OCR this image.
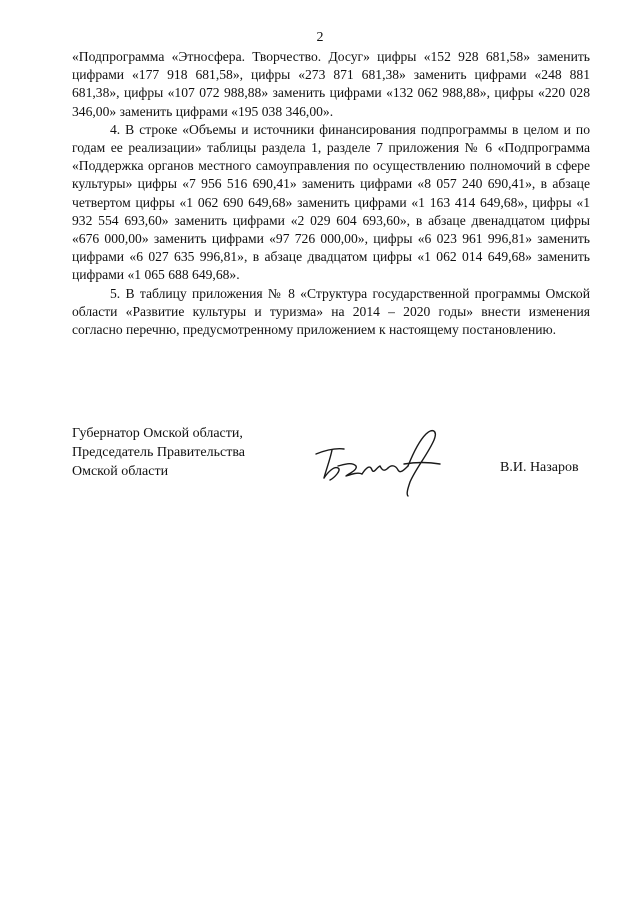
2

«Подпрограмма «Этносфера. Творчество. Досуг» цифры «152 928 681,58» заменить цифрами «177 918 681,58», цифры «273 871 681,38» заменить цифрами «248 881 681,38», цифры «107 072 988,88» заменить цифрами «132 062 988,88», цифры «220 028 346,00» заменить цифрами «195 038 346,00».

4. В строке «Объемы и источники финансирования подпрограммы в целом и по годам ее реализации» таблицы раздела 1, разделе 7 приложения № 6 «Подпрограмма «Поддержка органов местного самоуправления по осуществлению полномочий в сфере культуры» цифры «7 956 516 690,41» заменить цифрами «8 057 240 690,41», в абзаце четвертом цифры «1 062 690 649,68» заменить цифрами «1 163 414 649,68», цифры «1 932 554 693,60» заменить цифрами «2 029 604 693,60», в абзаце двенадцатом цифры «676 000,00» заменить цифрами «97 726 000,00», цифры «6 023 961 996,81» заменить цифрами «6 027 635 996,81», в абзаце двадцатом цифры «1 062 014 649,68» заменить цифрами «1 065 688 649,68».

5. В таблицу приложения № 8 «Структура государственной программы Омской области «Развитие культуры и туризма» на 2014 – 2020 годы» внести изменения согласно перечню, предусмотренному приложением к настоящему постановлению.

Губернатор Омской области,
Председатель Правительства
Омской области	В.И. Назаров
